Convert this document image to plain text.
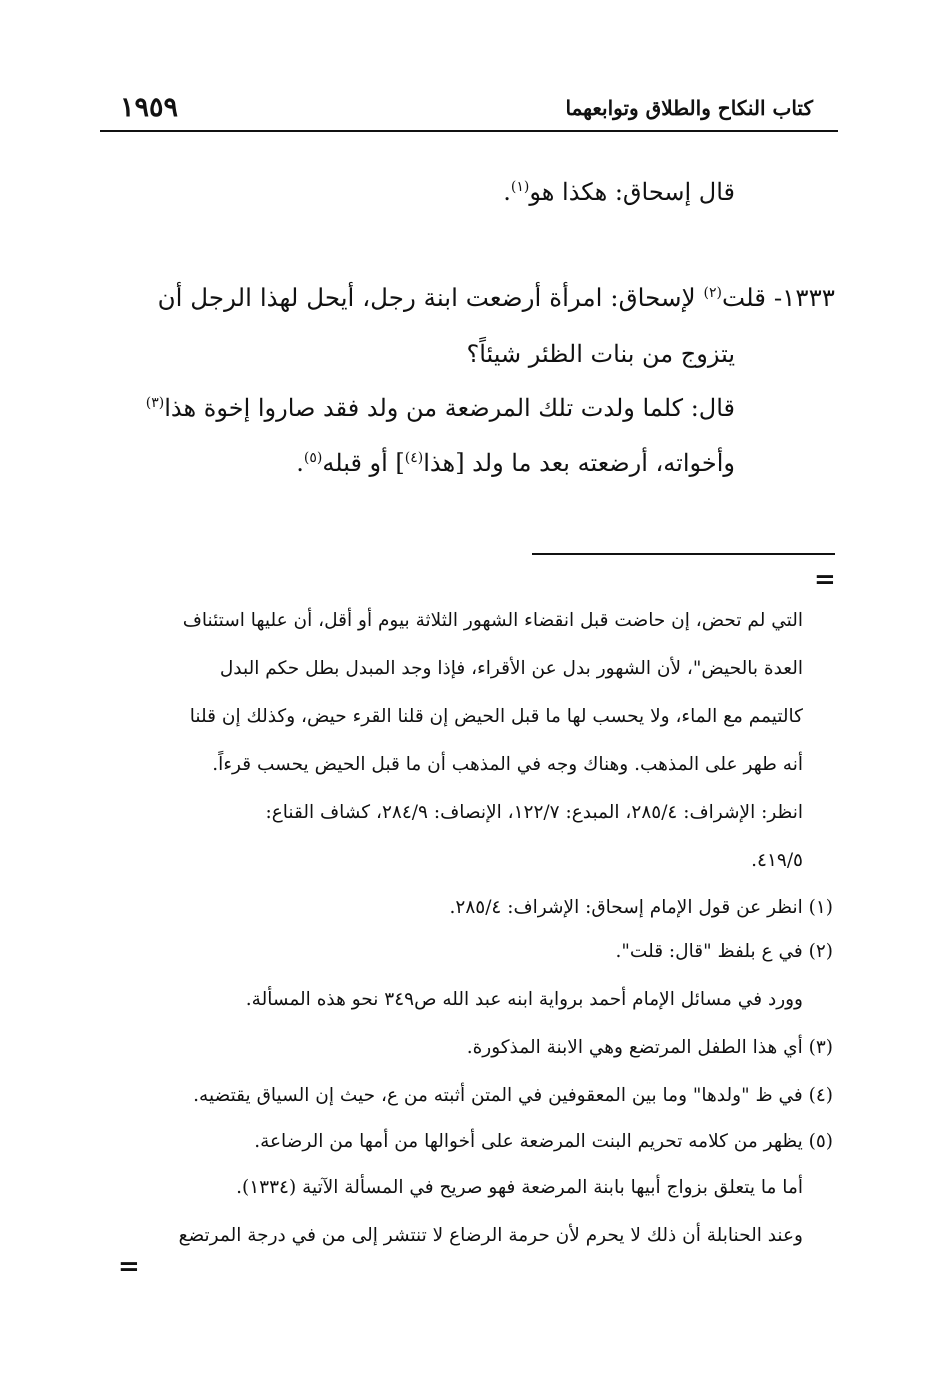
١٩٥٩	كتاب النكاح والطلاق وتوابعهما
قال إسحاق: هكذا هو$^{(١)}$.
١٣٣٣- قلت$^{(٢)}$ لإسحاق: امرأة أرضعت ابنة رجل، أيحل لهذا الرجل أن
يتزوج من بنات الظئر شيئاً؟
قال: كلما ولدت تلك المرضعة من ولد فقد صاروا إخوة هذا$^{(٣)}$
وأخواته، أرضعته بعد ما ولد [هذا$^{(٤)}$] أو قبله$^{(٥)}$.
=
التي لم تحض، إن حاضت قبل انقضاء الشهور الثلاثة بيوم أو أقل، أن عليها استئناف
العدة بالحيض"، لأن الشهور بدل عن الأقراء، فإذا وجد المبدل بطل حكم البدل
كالتيمم مع الماء، ولا يحسب لها ما قبل الحيض إن قلنا القرء حيض، وكذلك إن قلنا
أنه طهر على المذهب. وهناك وجه في المذهب أن ما قبل الحيض يحسب قرءاً.
انظر: الإشراف: ٢٨٥/٤، المبدع: ١٢٢/٧، الإنصاف: ٢٨٤/٩، كشاف القناع:
٤١٩/٥.
(١) انظر عن قول الإمام إسحاق: الإشراف: ٢٨٥/٤.
(٢) في ع بلفظ "قال: قلت".
وورد في مسائل الإمام أحمد برواية ابنه عبد الله ص٣٤٩ نحو هذه المسألة.
(٣) أي هذا الطفل المرتضع وهي الابنة المذكورة.
(٤) في ظ "ولدها" وما بين المعقوفين في المتن أثبته من ع، حيث إن السياق يقتضيه.
(٥) يظهر من كلامه تحريم البنت المرضعة على أخوالها من أمها من الرضاعة.
أما ما يتعلق بزواج أبيها بابنة المرضعة فهو صريح في المسألة الآتية (١٣٣٤).
وعند الحنابلة أن ذلك لا يحرم لأن حرمة الرضاع لا تنتشر إلى من في درجة المرتضع
=
